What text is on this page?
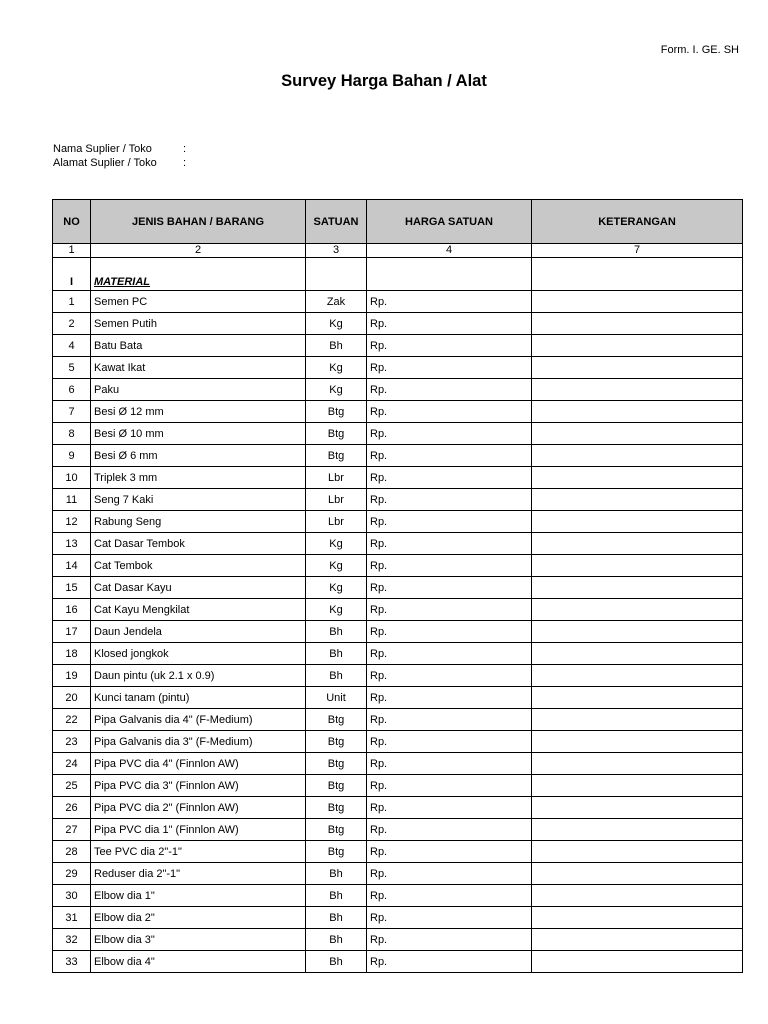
Form. I. GE. SH
Survey Harga Bahan / Alat
Nama Suplier / Toko	:
Alamat Suplier / Toko :
NO	JENIS BAHAN / BARANG	SATUAN	HARGA SATUAN	KETERANGAN
1	2	3	4	7
I	MATERIAL			
1	Semen PC	Zak	Rp.	
2	Semen Putih	Kg	Rp.	
4	Batu Bata	Bh	Rp.	
5	Kawat Ikat	Kg	Rp.	
6	Paku	Kg	Rp.	
7	Besi Ø 12 mm	Btg	Rp.	
8	Besi Ø 10 mm	Btg	Rp.	
9	Besi Ø 6 mm	Btg	Rp.	
10	Triplek 3 mm	Lbr	Rp.	
11	Seng 7 Kaki	Lbr	Rp.	
12	Rabung Seng	Lbr	Rp.	
13	Cat Dasar Tembok	Kg	Rp.	
14	Cat Tembok	Kg	Rp.	
15	Cat Dasar Kayu	Kg	Rp.	
16	Cat Kayu Mengkilat	Kg	Rp.	
17	Daun Jendela	Bh	Rp.	
18	Klosed jongkok	Bh	Rp.	
19	Daun pintu (uk 2.1 x 0.9)	Bh	Rp.	
20	Kunci tanam (pintu)	Unit	Rp.	
22	Pipa Galvanis dia 4" (F-Medium)	Btg	Rp.	
23	Pipa Galvanis dia 3" (F-Medium)	Btg	Rp.	
24	Pipa PVC dia 4" (Finnlon AW)	Btg	Rp.	
25	Pipa PVC dia 3" (Finnlon AW)	Btg	Rp.	
26	Pipa PVC dia 2" (Finnlon AW)	Btg	Rp.	
27	Pipa PVC dia 1" (Finnlon AW)	Btg	Rp.	
28	Tee PVC dia 2"-1"	Btg	Rp.	
29	Reduser dia 2"-1"	Bh	Rp.	
30	Elbow dia 1"	Bh	Rp.	
31	Elbow dia 2"	Bh	Rp.	
32	Elbow dia 3"	Bh	Rp.	
33	Elbow dia 4"	Bh	Rp.	
